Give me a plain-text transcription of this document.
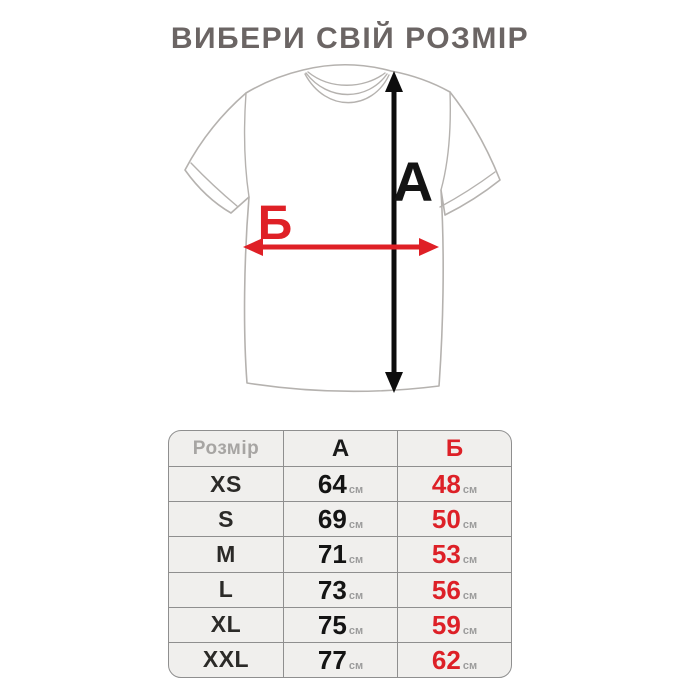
ВИБЕРИ СВІЙ РОЗМІР
А
Б
Розмір	А	Б
XS	64 см	48 см
S	69 см	50 см
M	71 см	53 см
L	73 см	56 см
XL	75 см	59 см
XXL	77 см	62 см
